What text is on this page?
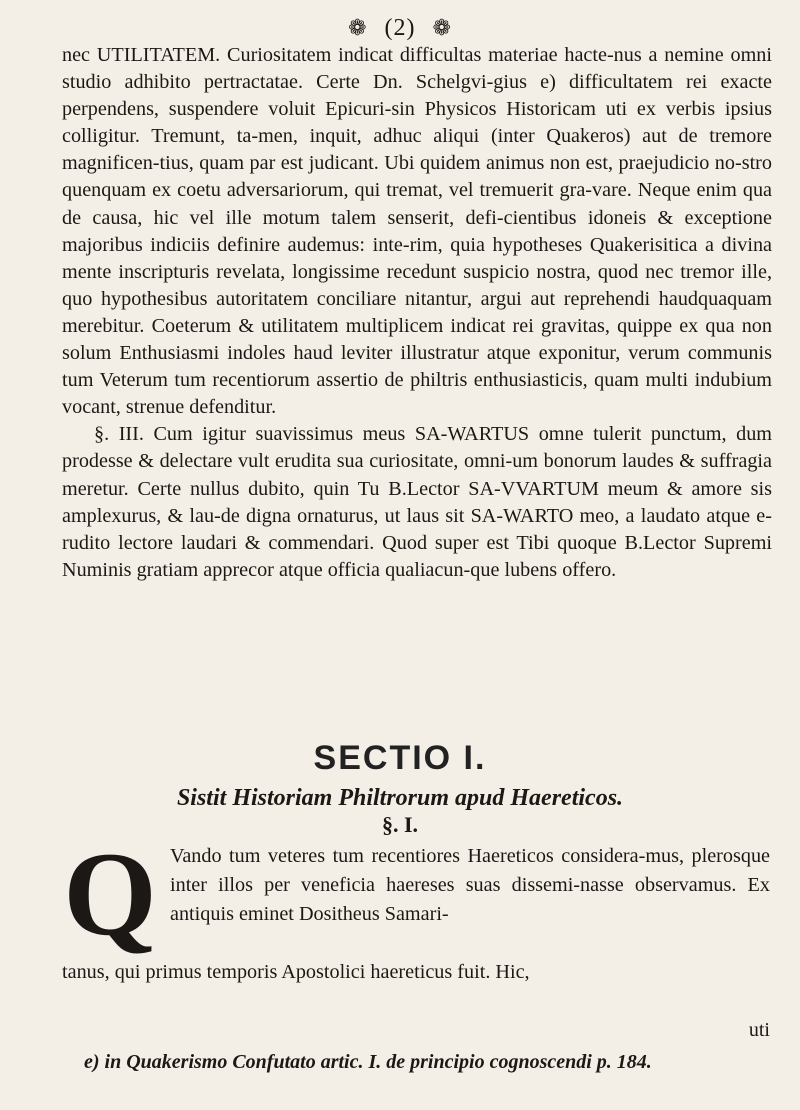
❁ (2) ❁

nec UTILITATEM. Curiositatem indicat difficultas materiae hacte-nus a nemine omni studio adhibito pertractatae. Certe Dn. Schelgvi-gius e) difficultatem rei exacte perpendens, suspendere voluit Epicuri-sin Physicos Historicam uti ex verbis ipsius colligitur. Tremunt, ta-men, inquit, adhuc aliqui (inter Quakeros) aut de tremore magnificen-tius, quam par est judicant. Ubi quidem animus non est, praejudicio no-stro quenquam ex coetu adversariorum, qui tremat, vel tremuerit gra-vare. Neque enim qua de causa, hic vel ille motum talem senserit, defi-cientibus idoneis & exceptione majoribus indiciis definire audemus: inte-rim, quia hypotheses Quakerisitica a divina mente inscripturis revelata, longissime recedunt suspicio nostra, quod nec tremor ille, quo hypothesibus autoritatem conciliare nitantur, argui aut reprehendi haudquaquam merebitur. Coeterum & utilitatem multiplicem indicat rei gravitas, quippe ex qua non solum Enthusiasmi indoles haud leviter illustratur atque exponitur, verum communis tum Veterum tum recentiorum assertio de philtris enthusiasticis, quam multi indubium vocant, strenue defenditur.

§. III. Cum igitur suavissimus meus SA-WARTUS omne tulerit punctum, dum prodesse & delectare vult erudita sua curiositate, omni-um bonorum laudes & suffragia meretur. Certe nullus dubito, quin Tu B.Lector SA-VVARTUM meum & amore sis amplexurus, & lau-de digna ornaturus, ut laus sit SA-WARTO meo, a laudato atque e-rudito lectore laudari & commendari. Quod super est Tibi quoque B.Lector Supremi Numinis gratiam apprecor atque officia qualiacun-que lubens offero.

SECTIO I.
Sistit Historiam Philtrorum apud Haereticos.
§. I.
Q Vando tum veteres tum recentiores Haereticos considera-mus, plerosque inter illos per veneficia haereses suas dissemi-nasse observamus. Ex antiquis eminet Dositheus Samari-
tanus, qui primus temporis Apostolici haereticus fuit. Hic,
uti
e) in Quakerismo Confutato artic. I. de principio cognoscendi p. 184.
